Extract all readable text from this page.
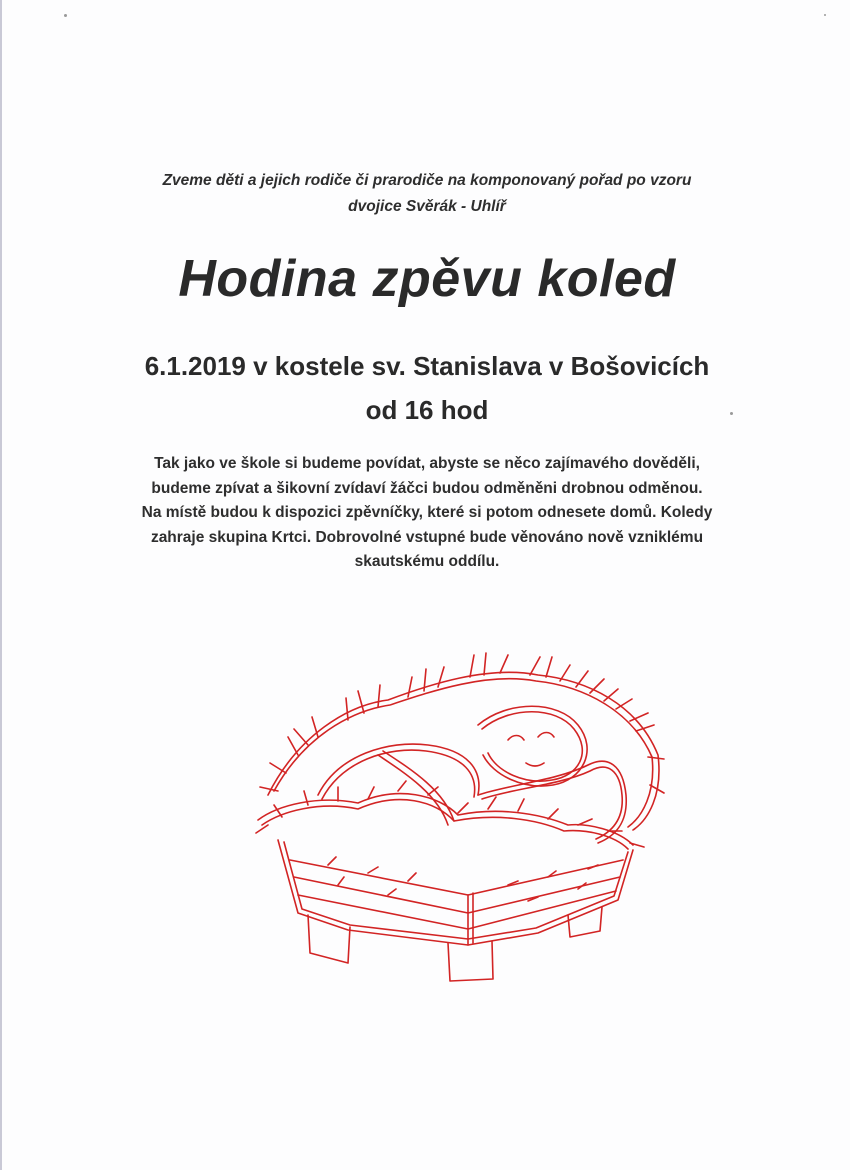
Zveme děti a jejich rodiče či prarodiče na komponovaný pořad po vzoru
dvojice Svěrák - Uhlíř
Hodina zpěvu koled
6.1.2019 v kostele sv. Stanislava v Bošovicích
od 16 hod
Tak jako ve škole si budeme povídat, abyste se něco zajímavého dověděli,
budeme zpívat a šikovní zvídaví žáčci budou odměněni drobnou odměnou.
Na místě budou k dispozici zpěvníčky, které si potom odnesete domů. Koledy
zahraje skupina Krtci. Dobrovolné vstupné bude věnováno nově vzniklému
skautskému oddílu.
